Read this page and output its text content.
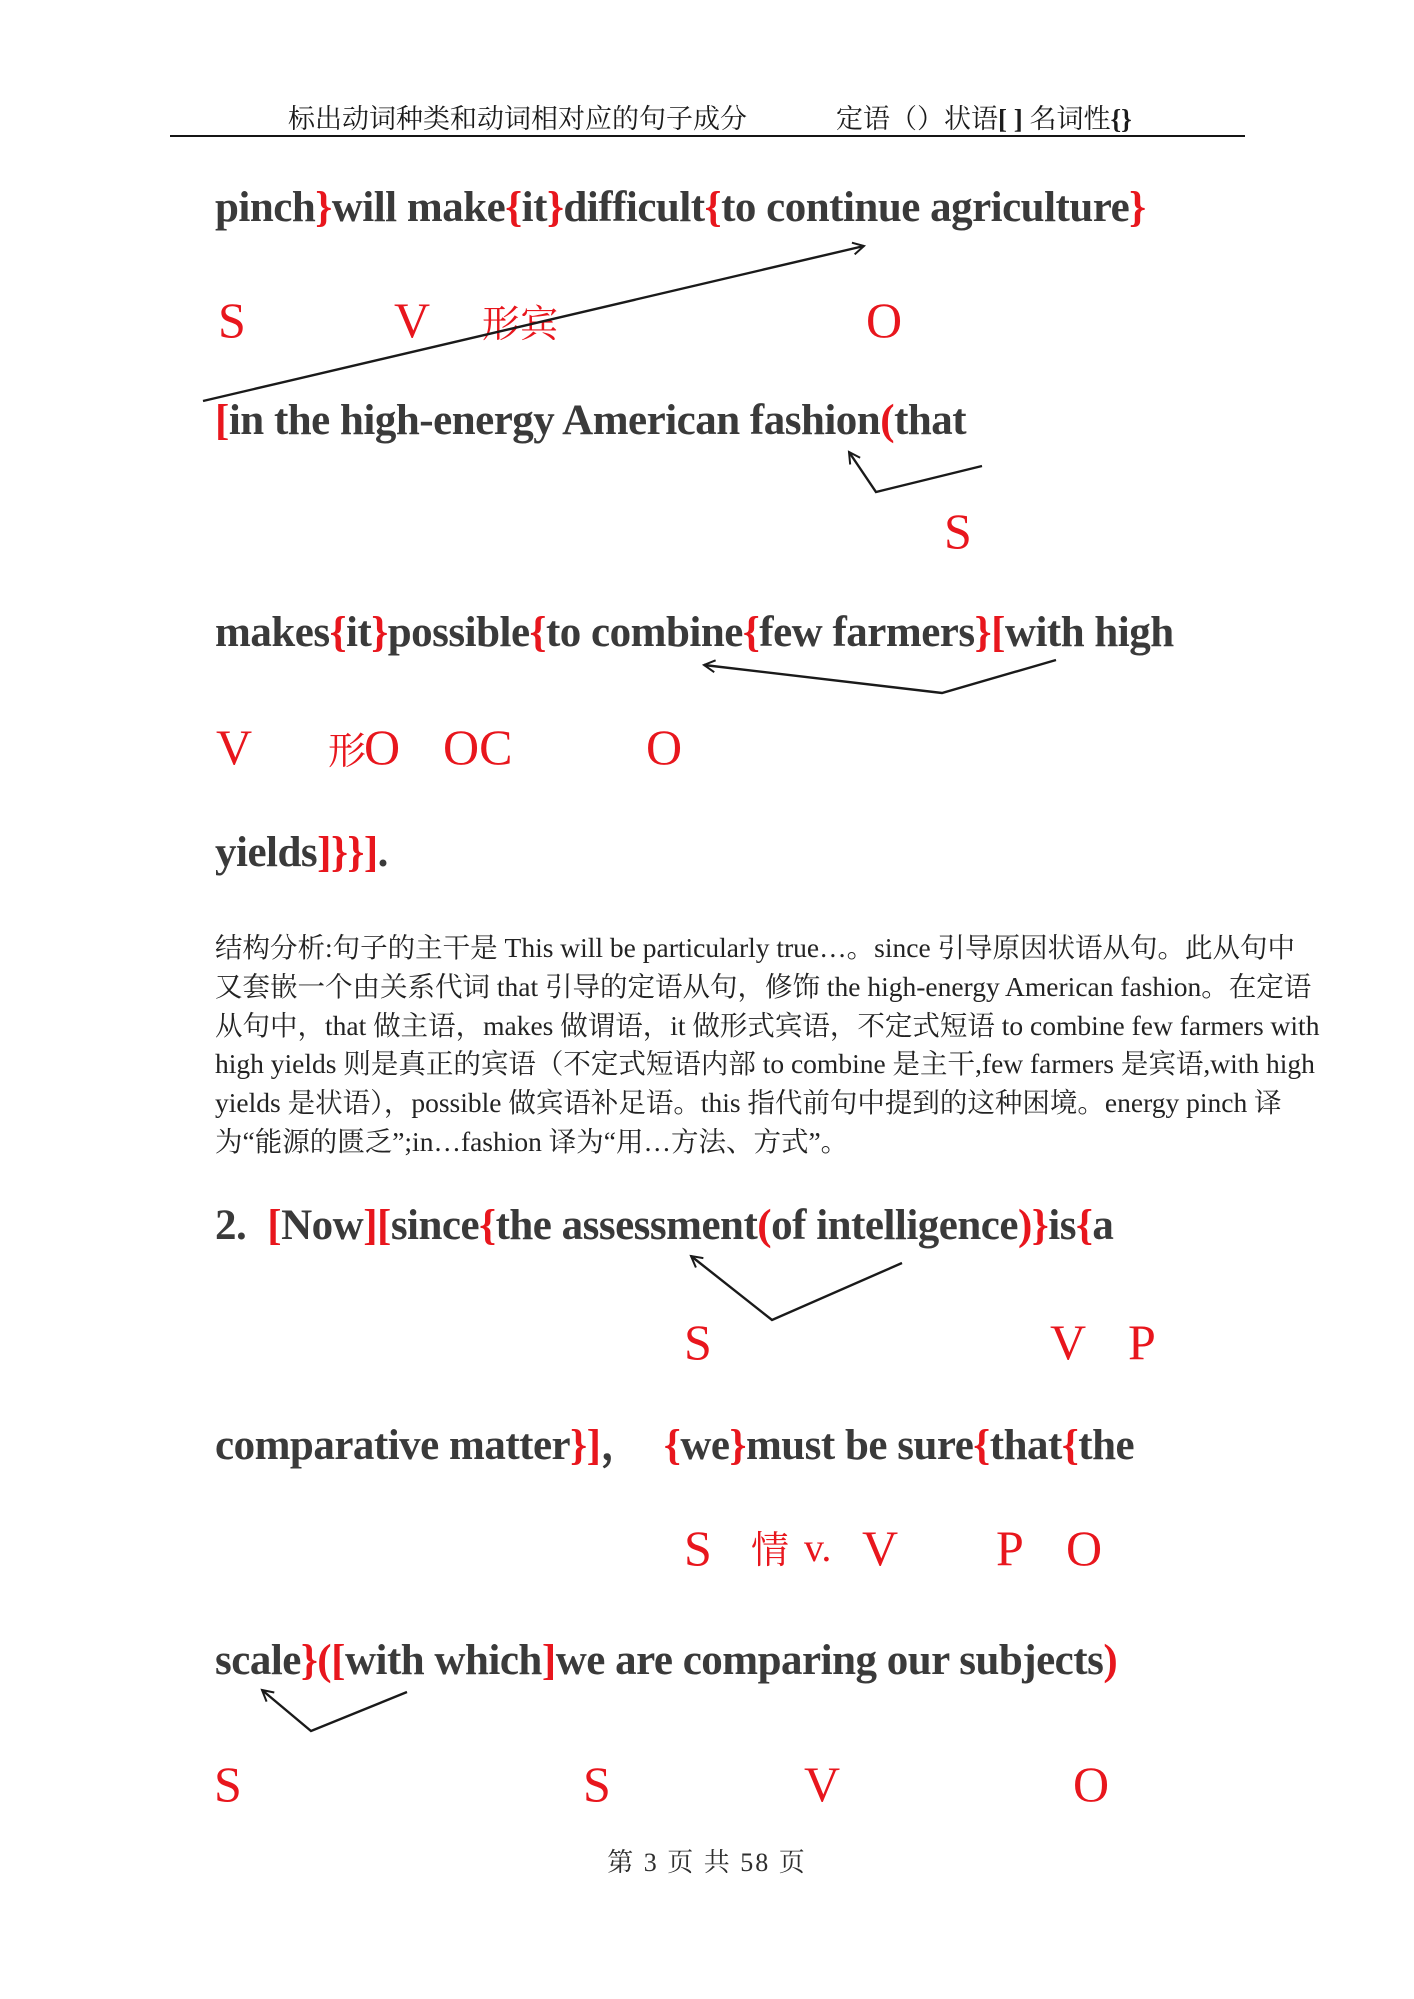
标出动词种类和动词相对应的句子成分	定语（）状语[ ] 名词性{}
pinch}will make{it}difficult{to continue agriculture}
S	V 形宾	O
[in the high-energy American fashion(that
S
makes{it}possible{to combine{few farmers}[with high
V 形
O OC	O
yields]}}].
结构分析:句子的主干是 This will be particularly true…。since 引导原因状语从句。此从句中
又套嵌一个由关系代词 that 引导的定语从句，修饰 the high-energy American fashion。在定语
从句中，that 做主语，makes 做谓语，it 做形式宾语，不定式短语 to combine few farmers with
high yields 则是真正的宾语（不定式短语内部 to combine 是主干,few farmers 是宾语,with high
yields 是状语），possible 做宾语补足语。this 指代前句中提到的这种困境。energy pinch 译
为“能源的匮乏”;in…fashion 译为“用…方法、方式”。
2. [Now][since{the assessment(of intelligence)}is{a
S	V P
comparative matter}]， {we}must be sure{that{the
S 情 v. V P O
scale}([with which]we are comparing our subjects)
S	S	V	O
第 3 页 共 58 页
